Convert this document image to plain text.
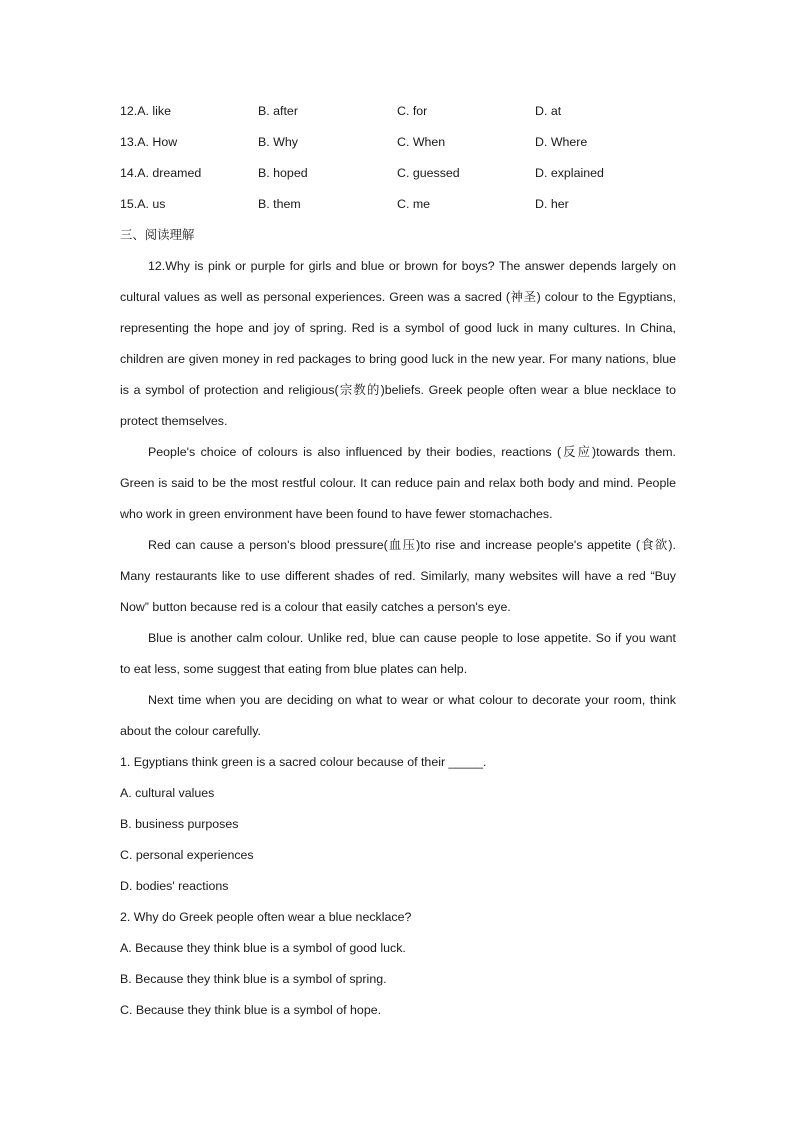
12.A. like	B. after	C. for	D. at
13.A. How	B. Why	C. When	D. Where
14.A. dreamed	B. hoped	C. guessed	D. explained
15.A. us	B. them	C. me	D. her
三、阅读理解

12.Why is pink or purple for girls and blue or brown for boys? The answer depends largely on cultural values as well as personal experiences. Green was a sacred (神圣) colour to the Egyptians, representing the hope and joy of spring. Red is a symbol of good luck in many cultures. In China, children are given money in red packages to bring good luck in the new year. For many nations, blue is a symbol of protection and religious(宗教的)beliefs. Greek people often wear a blue necklace to protect themselves.

People's choice of colours is also influenced by their bodies, reactions (反应)towards them. Green is said to be the most restful colour. It can reduce pain and relax both body and mind. People who work in green environment have been found to have fewer stomachaches.

Red can cause a person's blood pressure(血压)to rise and increase people's appetite (食欲). Many restaurants like to use different shades of red. Similarly, many websites will have a red “Buy Now” button because red is a colour that easily catches a person's eye.

Blue is another calm colour. Unlike red, blue can cause people to lose appetite. So if you want to eat less, some suggest that eating from blue plates can help.

Next time when you are deciding on what to wear or what colour to decorate your room, think about the colour carefully.

1. Egyptians think green is a sacred colour because of their _____.
A. cultural values
B. business purposes
C. personal experiences
D. bodies' reactions
2. Why do Greek people often wear a blue necklace?
A. Because they think blue is a symbol of good luck.
B. Because they think blue is a symbol of spring.
C. Because they think blue is a symbol of hope.
